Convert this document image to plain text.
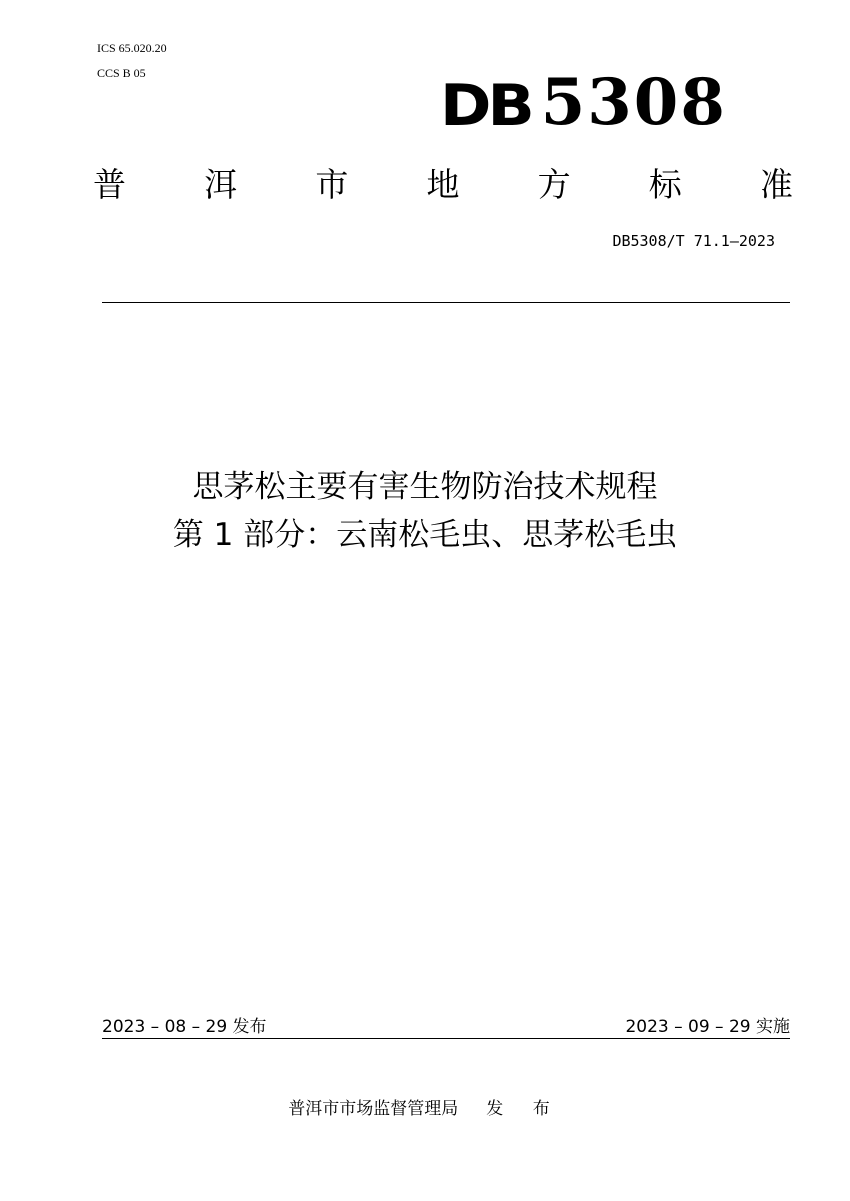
ICS 65.020.20
CCS B 05	DB 5308
普 洱 市 地 方 标 准
DB5308/T 71.1—2023
思茅松主要有害生物防治技术规程
第 1 部分：云南松毛虫、思茅松毛虫
2023 – 08 – 29 发布	2023 – 09 – 29 实施
普洱市市场监督管理局 发 布
